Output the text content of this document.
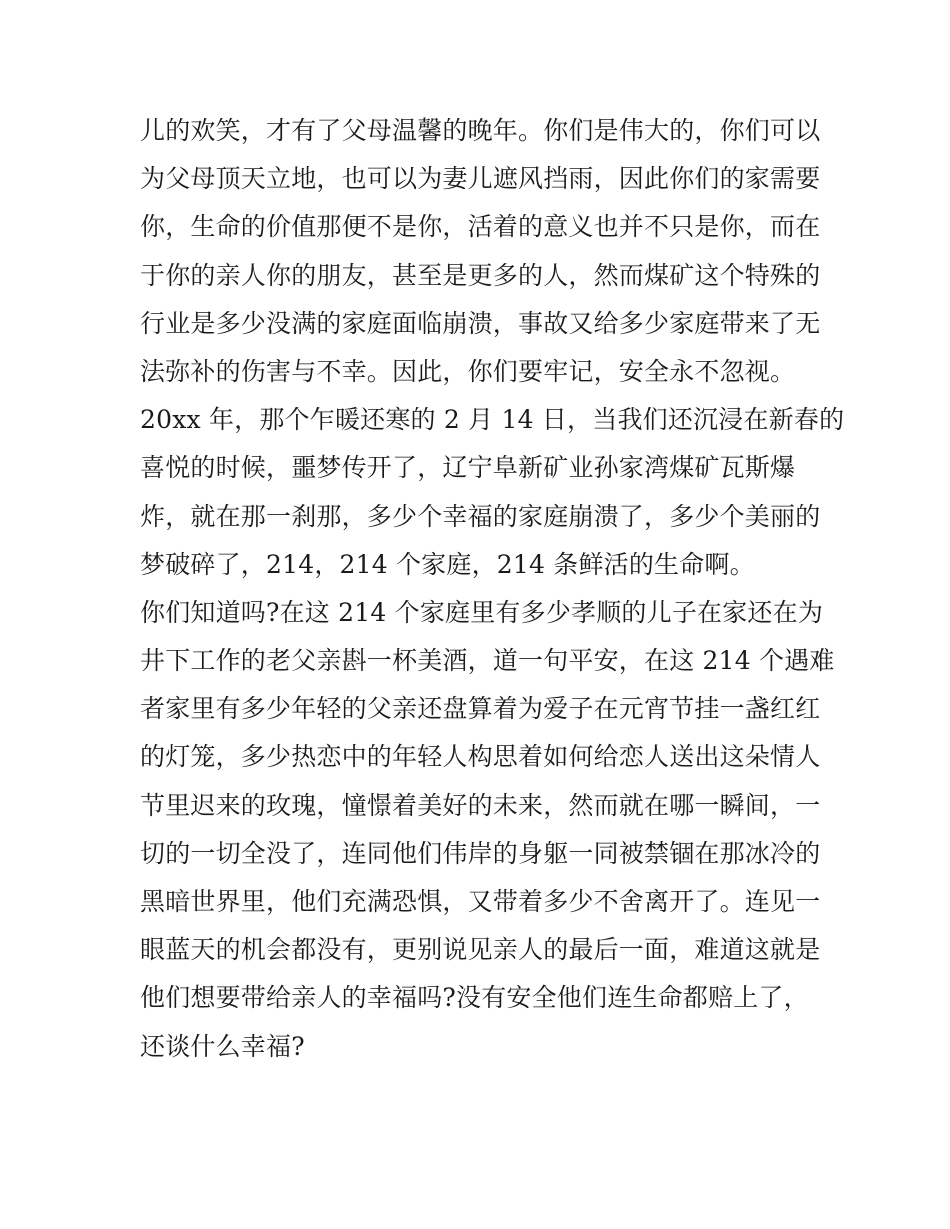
儿的欢笑，才有了父母温馨的晚年。你们是伟大的，你们可以
为父母顶天立地，也可以为妻儿遮风挡雨，因此你们的家需要
你，生命的价值那便不是你，活着的意义也并不只是你，而在
于你的亲人你的朋友，甚至是更多的人，然而煤矿这个特殊的
行业是多少没满的家庭面临崩溃，事故又给多少家庭带来了无
法弥补的伤害与不幸。因此，你们要牢记，安全永不忽视。
20xx 年，那个乍暖还寒的 2 月 14 日，当我们还沉浸在新春的
喜悦的时候，噩梦传开了，辽宁阜新矿业孙家湾煤矿瓦斯爆
炸，就在那一刹那，多少个幸福的家庭崩溃了，多少个美丽的
梦破碎了，214，214 个家庭，214 条鲜活的生命啊。
你们知道吗?在这 214 个家庭里有多少孝顺的儿子在家还在为
井下工作的老父亲斟一杯美酒，道一句平安，在这 214 个遇难
者家里有多少年轻的父亲还盘算着为爱子在元宵节挂一盏红红
的灯笼，多少热恋中的年轻人构思着如何给恋人送出这朵情人
节里迟来的玫瑰，憧憬着美好的未来，然而就在哪一瞬间，一
切的一切全没了，连同他们伟岸的身躯一同被禁锢在那冰冷的
黑暗世界里，他们充满恐惧，又带着多少不舍离开了。连见一
眼蓝天的机会都没有，更别说见亲人的最后一面，难道这就是
他们想要带给亲人的幸福吗?没有安全他们连生命都赔上了，
还谈什么幸福?
